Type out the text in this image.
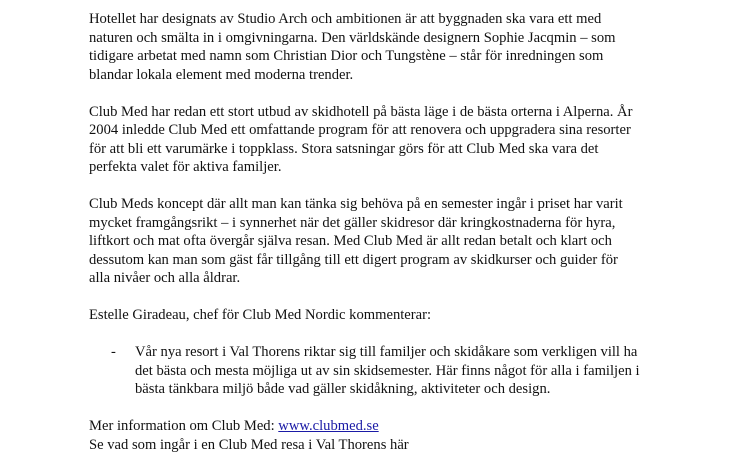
Hotellet har designats av Studio Arch och ambitionen är att byggnaden ska vara ett med
naturen och smälta in i omgivningarna. Den världskände designern Sophie Jacqmin – som
tidigare arbetat med namn som Christian Dior och Tungstène – står för inredningen som
blandar lokala element med moderna trender.

Club Med har redan ett stort utbud av skidhotell på bästa läge i de bästa orterna i Alperna. År
2004 inledde Club Med ett omfattande program för att renovera och uppgradera sina resorter
för att bli ett varumärke i toppklass. Stora satsningar görs för att Club Med ska vara det
perfekta valet för aktiva familjer.

Club Meds koncept där allt man kan tänka sig behöva på en semester ingår i priset har varit
mycket framgångsrikt – i synnerhet när det gäller skidresor där kringkostnaderna för hyra,
liftkort och mat ofta övergår själva resan. Med Club Med är allt redan betalt och klart och
dessutom kan man som gäst får tillgång till ett digert program av skidkurser och guider för
alla nivåer och alla åldrar.

Estelle Giradeau, chef för Club Med Nordic kommenterar:

- Vår nya resort i Val Thorens riktar sig till familjer och skidåkare som verkligen vill ha
det bästa och mesta möjliga ut av sin skidsemester. Här finns något för alla i familjen i
bästa tänkbara miljö både vad gäller skidåkning, aktiviteter och design.

Mer information om Club Med: www.clubmed.se
Se vad som ingår i en Club Med resa i Val Thorens här
